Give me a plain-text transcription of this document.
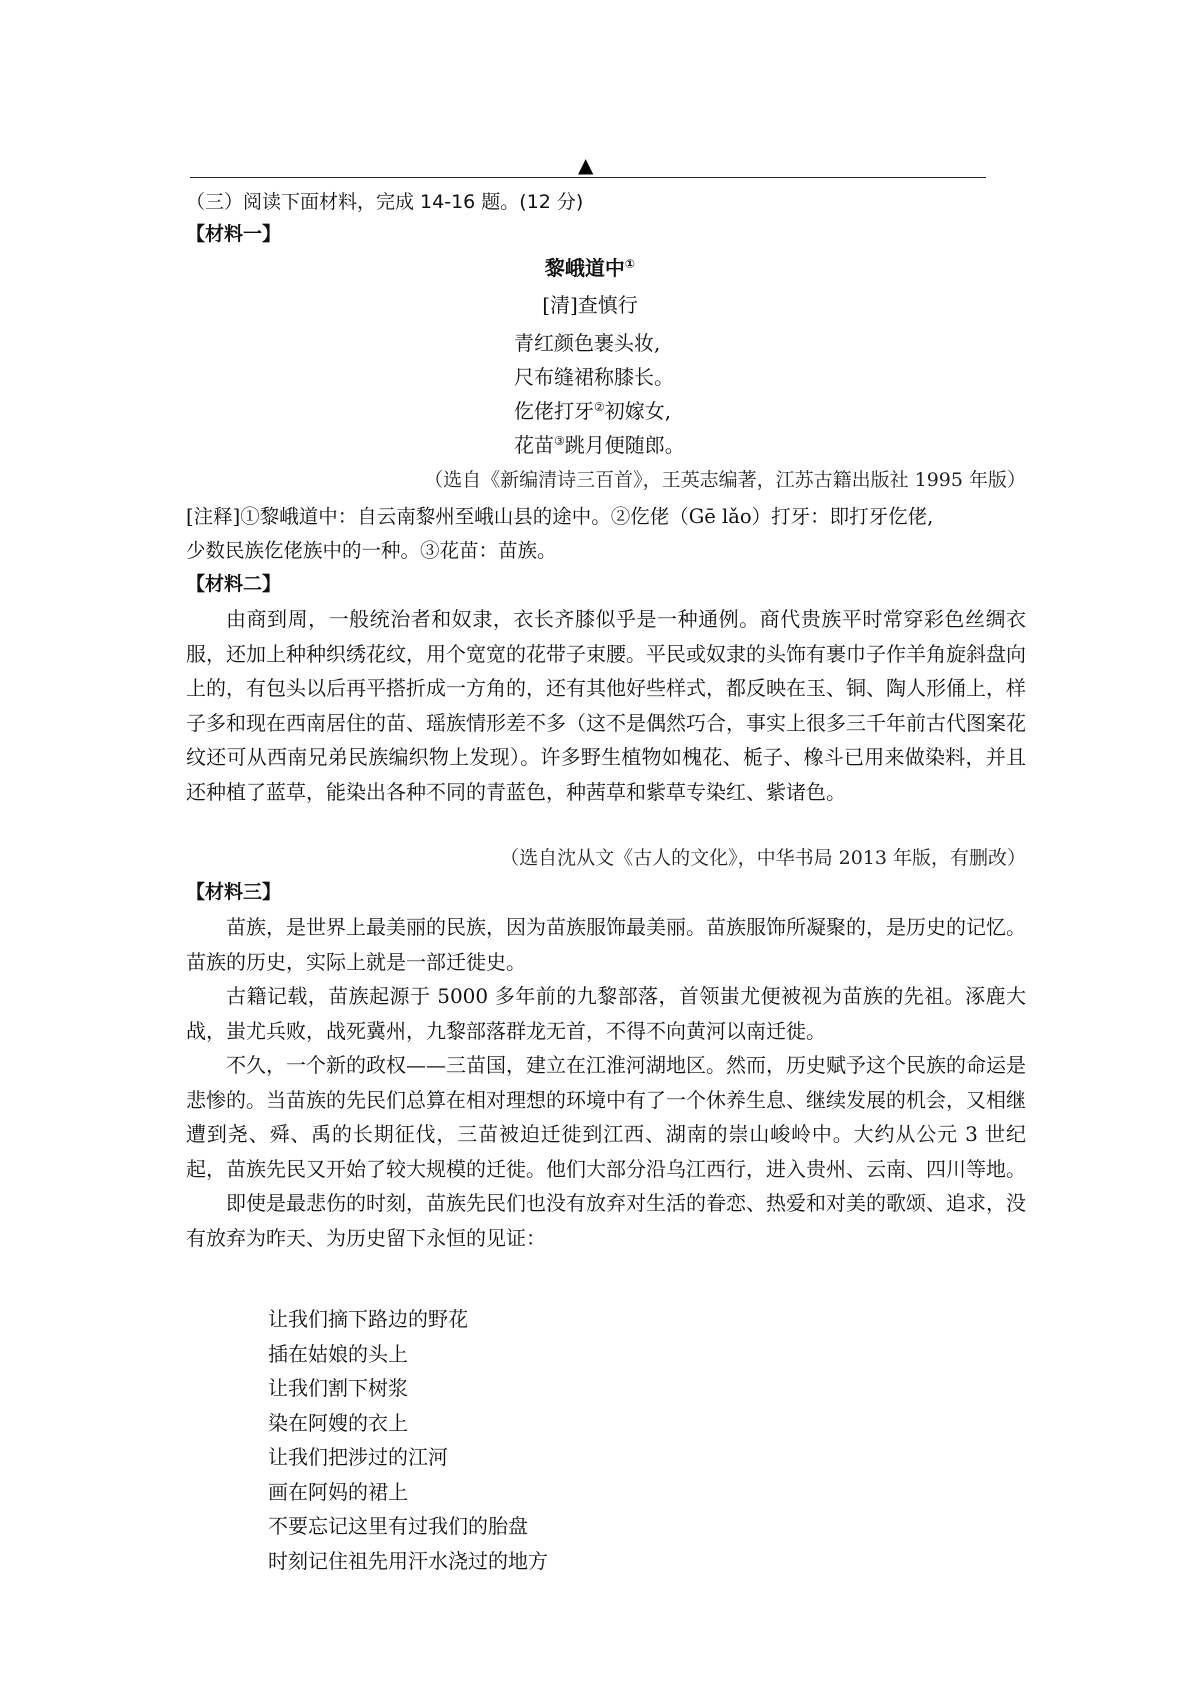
▲
（三）阅读下面材料，完成 14-16 题。(12 分)
【材料一】
黎峨道中①
[清]查慎行
青红颜色裹头妆,
尺布缝裙称膝长。
仡佬打牙②初嫁女,
花苗③跳月便随郎。
（选自《新编清诗三百首》，王英志编著，江苏古籍出版社 1995 年版）
[注释]①黎峨道中：自云南黎州至峨山县的途中。②仡佬（Gē lǎo）打牙：即打牙仡佬,
少数民族仡佬族中的一种。③花苗：苗族。
【材料二】

由商到周，一般统治者和奴隶，衣长齐膝似乎是一种通例。商代贵族平时常穿彩色丝绸衣服，还加上种种织绣花纹，用个宽宽的花带子束腰。平民或奴隶的头饰有裹巾子作羊角旋斜盘向上的，有包头以后再平搭折成一方角的，还有其他好些样式，都反映在玉、铜、陶人形俑上，样子多和现在西南居住的苗、瑶族情形差不多（这不是偶然巧合，事实上很多三千年前古代图案花纹还可从西南兄弟民族编织物上发现）。许多野生植物如槐花、栀子、橡斗已用来做染料，并且还种植了蓝草，能染出各种不同的青蓝色，种茜草和紫草专染红、紫诸色。

（选自沈从文《古人的文化》，中华书局 2013 年版，有删改）
【材料三】

苗族，是世界上最美丽的民族，因为苗族服饰最美丽。苗族服饰所凝聚的，是历史的记忆。苗族的历史，实际上就是一部迁徙史。

古籍记载，苗族起源于 5000 多年前的九黎部落，首领蚩尤便被视为苗族的先祖。涿鹿大战，蚩尤兵败，战死冀州，九黎部落群龙无首，不得不向黄河以南迁徙。

不久，一个新的政权——三苗国，建立在江淮河湖地区。然而，历史赋予这个民族的命运是悲惨的。当苗族的先民们总算在相对理想的环境中有了一个休养生息、继续发展的机会，又相继遭到尧、舜、禹的长期征伐，三苗被迫迁徙到江西、湖南的崇山峻岭中。大约从公元 3 世纪起，苗族先民又开始了较大规模的迁徙。他们大部分沿乌江西行，进入贵州、云南、四川等地。

即使是最悲伤的时刻，苗族先民们也没有放弃对生活的眷恋、热爱和对美的歌颂、追求，没有放弃为昨天、为历史留下永恒的见证：

让我们摘下路边的野花
插在姑娘的头上
让我们割下树浆
染在阿嫂的衣上
让我们把涉过的江河
画在阿妈的裙上
不要忘记这里有过我们的胎盘
时刻记住祖先用汗水浇过的地方
